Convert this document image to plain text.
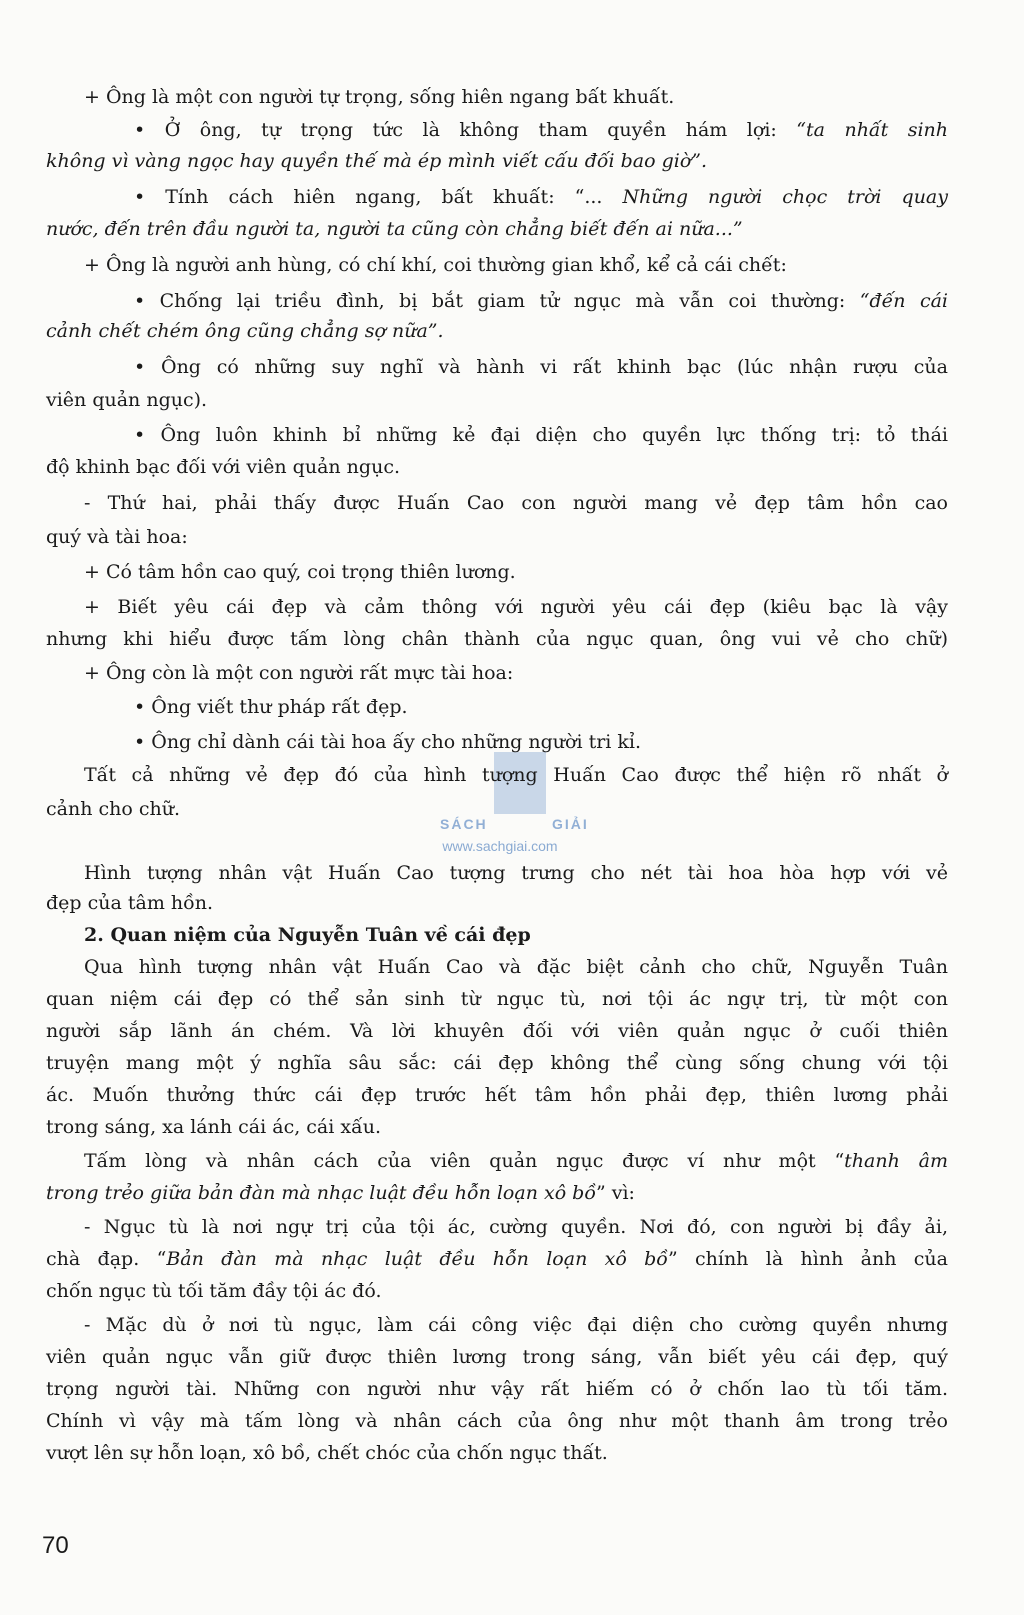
+ Ông là một con người tự trọng, sống hiên ngang bất khuất.
• Ở ông, tự trọng tức là không tham quyền hám lợi: “ta nhất sinh
không vì vàng ngọc hay quyền thế mà ép mình viết cấu đối bao giờ”.
• Tính cách hiên ngang, bất khuất: “... Những người chọc trời quay
nước, đến trên đầu người ta, người ta cũng còn chẳng biết đến ai nữa...”
+ Ông là người anh hùng, có chí khí, coi thường gian khổ, kể cả cái chết:
• Chống lại triều đình, bị bắt giam tử ngục mà vẫn coi thường: “đến cái
cảnh chết chém ông cũng chẳng sợ nữa”.
• Ông có những suy nghĩ và hành vi rất khinh bạc (lúc nhận rượu của
viên quản ngục).
• Ông luôn khinh bỉ những kẻ đại diện cho quyền lực thống trị: tỏ thái
độ khinh bạc đối với viên quản ngục.
- Thứ hai, phải thấy được Huấn Cao con người mang vẻ đẹp tâm hồn cao
quý và tài hoa:
+ Có tâm hồn cao quý, coi trọng thiên lương.
+ Biết yêu cái đẹp và cảm thông với người yêu cái đẹp (kiêu bạc là vậy
nhưng khi hiểu được tấm lòng chân thành của ngục quan, ông vui vẻ cho chữ)
+ Ông còn là một con người rất mực tài hoa:
• Ông viết thư pháp rất đẹp.
• Ông chỉ dành cái tài hoa ấy cho những người tri kỉ.
Tất cả những vẻ đẹp đó của hình tượng Huấn Cao được thể hiện rõ nhất ở
cảnh cho chữ.
Hình tượng nhân vật Huấn Cao tượng trưng cho nét tài hoa hòa hợp với vẻ
đẹp của tâm hồn.
2. Quan niệm của Nguyễn Tuân về cái đẹp
Qua hình tượng nhân vật Huấn Cao và đặc biệt cảnh cho chữ, Nguyễn Tuân
quan niệm cái đẹp có thể sản sinh từ ngục tù, nơi tội ác ngự trị, từ một con
người sắp lãnh án chém. Và lời khuyên đối với viên quản ngục ở cuối thiên
truyện mang một ý nghĩa sâu sắc: cái đẹp không thể cùng sống chung với tội
ác. Muốn thưởng thức cái đẹp trước hết tâm hồn phải đẹp, thiên lương phải
trong sáng, xa lánh cái ác, cái xấu.
Tấm lòng và nhân cách của viên quản ngục được ví như một “thanh âm
trong trẻo giữa bản đàn mà nhạc luật đều hỗn loạn xô bồ” vì:
- Ngục tù là nơi ngự trị của tội ác, cường quyền. Nơi đó, con người bị đầy ải,
chà đạp. “Bản đàn mà nhạc luật đều hỗn loạn xô bồ” chính là hình ảnh của
chốn ngục tù tối tăm đầy tội ác đó.
- Mặc dù ở nơi tù ngục, làm cái công việc đại diện cho cường quyền nhưng
viên quản ngục vẫn giữ được thiên lương trong sáng, vẫn biết yêu cái đẹp, quý
trọng người tài. Những con người như vậy rất hiếm có ở chốn lao tù tối tăm.
Chính vì vậy mà tấm lòng và nhân cách của ông như một thanh âm trong trẻo
vượt lên sự hỗn loạn, xô bồ, chết chóc của chốn ngục thất.
SÁCH	GIẢI
www.sachgiai.com
70
